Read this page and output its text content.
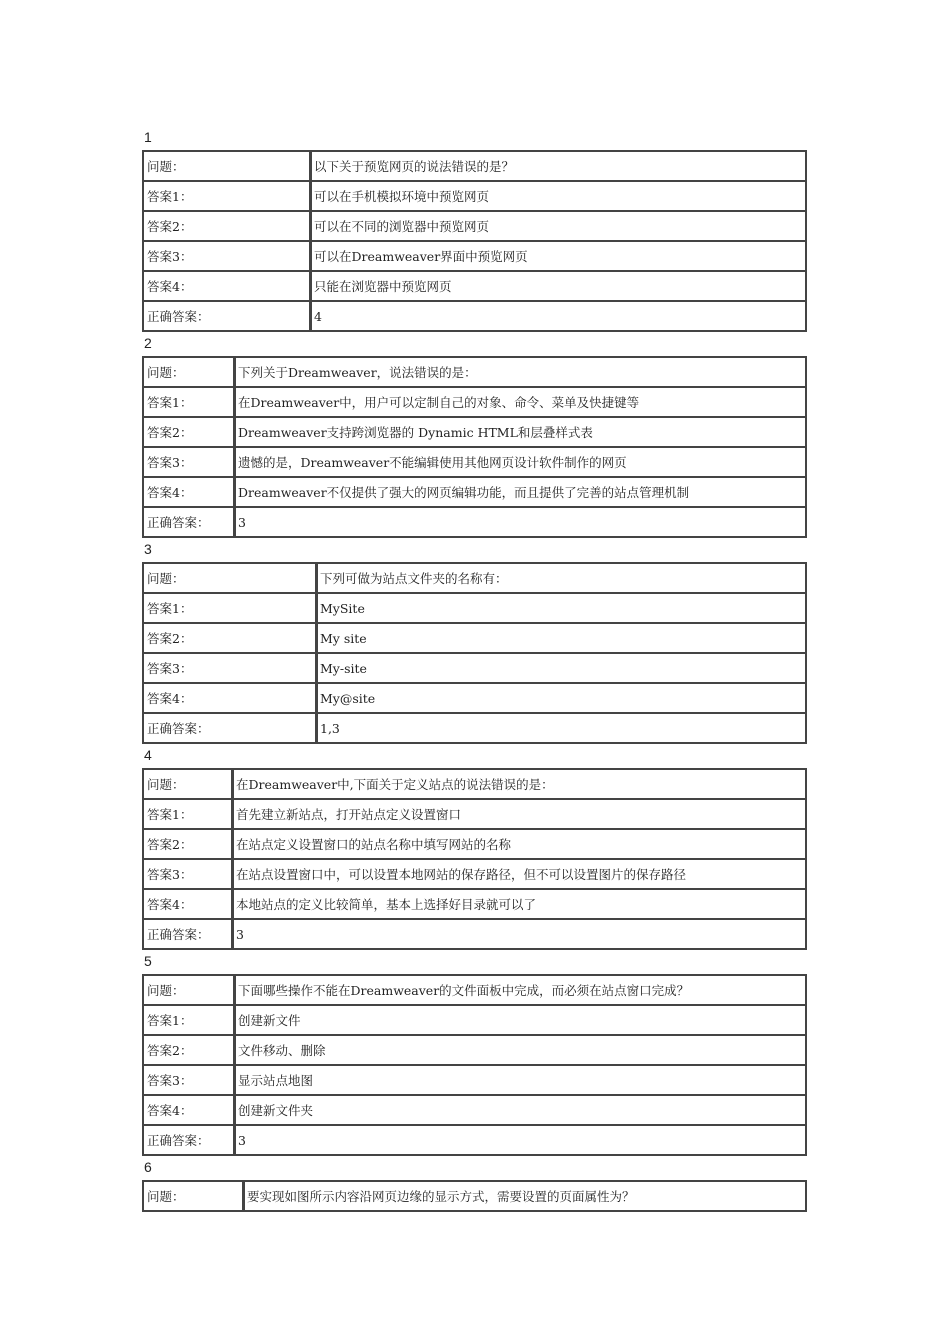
1
问题：	以下关于预览网页的说法错误的是？
答案1：	可以在手机模拟环境中预览网页
答案2：	可以在不同的浏览器中预览网页
答案3：	可以在Dreamweaver界面中预览网页
答案4：	只能在浏览器中预览网页
正确答案：	4
2
问题：	下列关于Dreamweaver，说法错误的是：
答案1：	在Dreamweaver中，用户可以定制自己的对象、命令、菜单及快捷键等
答案2：	Dreamweaver支持跨浏览器的 Dynamic HTML和层叠样式表
答案3：	遗憾的是，Dreamweaver不能编辑使用其他网页设计软件制作的网页
答案4：	Dreamweaver不仅提供了强大的网页编辑功能，而且提供了完善的站点管理机制
正确答案：	3
3
问题：	下列可做为站点文件夹的名称有：
答案1：	MySite
答案2：	My site
答案3：	My-site
答案4：	My@site
正确答案：	1,3
4
问题：	在Dreamweaver中,下面关于定义站点的说法错误的是：
答案1：	首先建立新站点，打开站点定义设置窗口
答案2：	在站点定义设置窗口的站点名称中填写网站的名称
答案3：	在站点设置窗口中，可以设置本地网站的保存路径，但不可以设置图片的保存路径
答案4：	本地站点的定义比较简单，基本上选择好目录就可以了
正确答案：	3
5
问题：	下面哪些操作不能在Dreamweaver的文件面板中完成，而必须在站点窗口完成？
答案1：	创建新文件
答案2：	文件移动、删除
答案3：	显示站点地图
答案4：	创建新文件夹
正确答案：	3
6
问题：	要实现如图所示内容沿网页边缘的显示方式，需要设置的页面属性为？
